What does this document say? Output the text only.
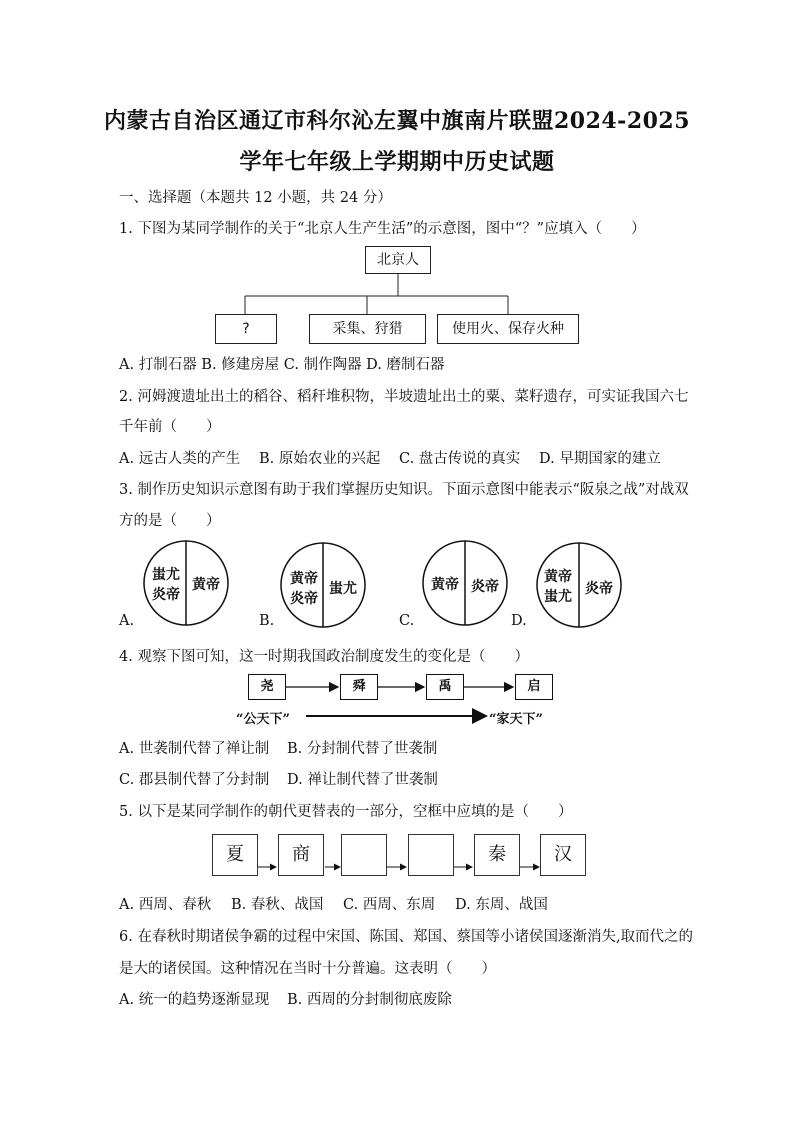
内蒙古自治区通辽市科尔沁左翼中旗南片联盟2024-2025
学年七年级上学期期中历史试题
一、选择题（本题共 12 小题，共 24 分）
1. 下图为某同学制作的关于“北京人生产生活”的示意图，图中“？”应填入（　　）
北京人
?	采集、狩猎	使用火、保存火种
A. 打制石器 B. 修建房屋 C. 制作陶器 D. 磨制石器
2. 河姆渡遗址出土的稻谷、稻秆堆积物，半坡遗址出土的粟、菜籽遗存，可实证我国六七
千年前（　　）
A. 远古人类的产生 B. 原始农业的兴起 C. 盘古传说的真实 D. 早期国家的建立
3. 制作历史知识示意图有助于我们掌握历史知识。下面示意图中能表示“阪泉之战”对战双
方的是（　　）
蚩尤
炎帝
黄帝
A.
黄帝
炎帝
蚩尤
B.
黄帝 炎帝
C.
黄帝
蚩尤 炎帝
D.
4. 观察下图可知，这一时期我国政治制度发生的变化是（　　）
尧	舜	禹	启
“公天下”	“家天下”
A. 世袭制代替了禅让制 B. 分封制代替了世袭制
C. 郡县制代替了分封制 D. 禅让制代替了世袭制
5. 以下是某同学制作的朝代更替表的一部分，空框中应填的是（　　）
夏	商	秦	汉
A. 西周、春秋 B. 春秋、战国 C. 西周、东周 D. 东周、战国
6. 在春秋时期诸侯争霸的过程中宋国、陈国、郑国、蔡国等小诸侯国逐渐消失,取而代之的
是大的诸侯国。这种情况在当时十分普遍。这表明（　　）
A. 统一的趋势逐渐显现 B. 西周的分封制彻底废除
